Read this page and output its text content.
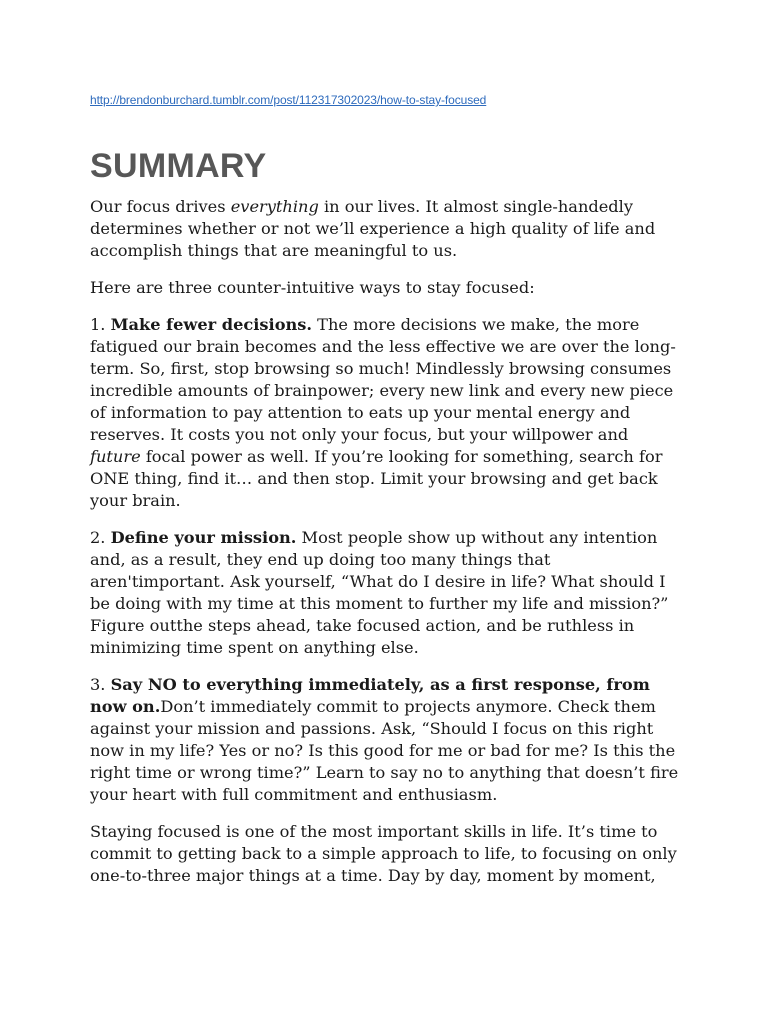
http://brendonburchard.tumblr.com/post/112317302023/how-to-stay-focused
SUMMARY

Our focus drives everything in our lives. It almost single-handedly determines whether or not we’ll experience a high quality of life and accomplish things that are meaningful to us.

Here are three counter-intuitive ways to stay focused:

1. Make fewer decisions. The more decisions we make, the more fatigued our brain becomes and the less effective we are over the long-term. So, first, stop browsing so much! Mindlessly browsing consumes incredible amounts of brainpower; every new link and every new piece of information to pay attention to eats up your mental energy and reserves. It costs you not only your focus, but your willpower and future focal power as well. If you’re looking for something, search for ONE thing, find it… and then stop. Limit your browsing and get back your brain.

2. Define your mission. Most people show up without any intention and, as a result, they end up doing too many things that aren'timportant. Ask yourself, “What do I desire in life? What should I be doing with my time at this moment to further my life and mission?” Figure outthe steps ahead, take focused action, and be ruthless in minimizing time spent on anything else.

3. Say NO to everything immediately, as a first response, from now on.Don’t immediately commit to projects anymore. Check them against your mission and passions. Ask, “Should I focus on this right now in my life? Yes or no? Is this good for me or bad for me? Is this the right time or wrong time?” Learn to say no to anything that doesn’t fire your heart with full commitment and enthusiasm.

Staying focused is one of the most important skills in life. It’s time to commit to getting back to a simple approach to life, to focusing on only one-to-three major things at a time. Day by day, moment by moment,
